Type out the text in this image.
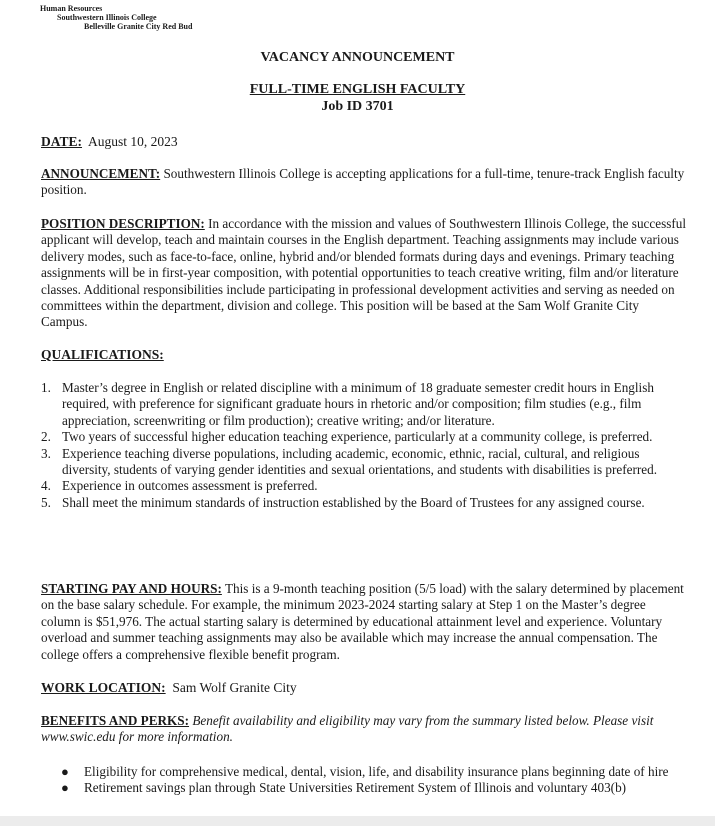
Human Resources
Southwestern Illinois College
Belleville Granite City Red Bud
VACANCY ANNOUNCEMENT
FULL-TIME ENGLISH FACULTY
Job ID 3701
DATE: August 10, 2023
ANNOUNCEMENT: Southwestern Illinois College is accepting applications for a full-time, tenure-track English faculty position.
POSITION DESCRIPTION: In accordance with the mission and values of Southwestern Illinois College, the successful applicant will develop, teach and maintain courses in the English department. Teaching assignments may include various delivery modes, such as face-to-face, online, hybrid and/or blended formats during days and evenings. Primary teaching assignments will be in first-year composition, with potential opportunities to teach creative writing, film and/or literature classes. Additional responsibilities include participating in professional development activities and serving as needed on committees within the department, division and college. This position will be based at the Sam Wolf Granite City Campus.
QUALIFICATIONS:
1. Master’s degree in English or related discipline with a minimum of 18 graduate semester credit hours in English required, with preference for significant graduate hours in rhetoric and/or composition; film studies (e.g., film appreciation, screenwriting or film production); creative writing; and/or literature.
2. Two years of successful higher education teaching experience, particularly at a community college, is preferred.
3. Experience teaching diverse populations, including academic, economic, ethnic, racial, cultural, and religious diversity, students of varying gender identities and sexual orientations, and students with disabilities is preferred.
4. Experience in outcomes assessment is preferred.
5. Shall meet the minimum standards of instruction established by the Board of Trustees for any assigned course.
STARTING PAY AND HOURS: This is a 9-month teaching position (5/5 load) with the salary determined by placement on the base salary schedule. For example, the minimum 2023-2024 starting salary at Step 1 on the Master’s degree column is $51,976. The actual starting salary is determined by educational attainment level and experience. Voluntary overload and summer teaching assignments may also be available which may increase the annual compensation. The college offers a comprehensive flexible benefit program.
WORK LOCATION: Sam Wolf Granite City
BENEFITS AND PERKS: Benefit availability and eligibility may vary from the summary listed below. Please visit www.swic.edu for more information.
● Eligibility for comprehensive medical, dental, vision, life, and disability insurance plans beginning date of hire
● Retirement savings plan through State Universities Retirement System of Illinois and voluntary 403(b)
